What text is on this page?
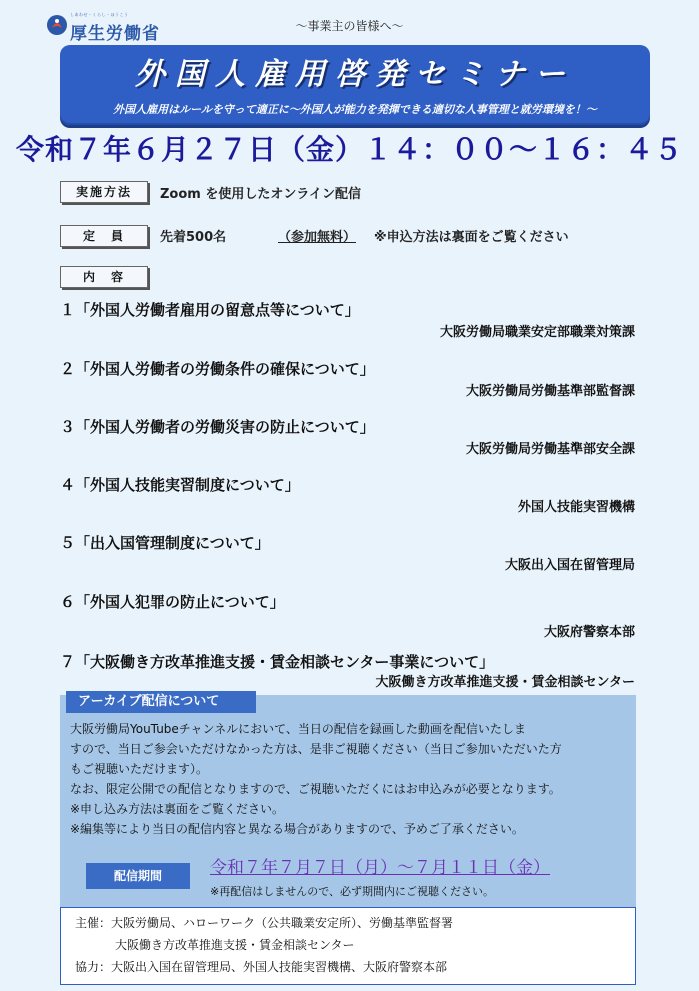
しあわせ・くらし・ほうこう
厚生労働省	～事業主の皆様へ～
外国人雇用啓発セミナー
外国人雇用はルールを守って適正に～外国人が能力を発揮できる適切な人事管理と就労環境を！～
令和７年６月２７日（金）１４：００～１６：４５
実施方法	Zoom を使用したオンライン配信
定　員	先着500名	（参加無料） ※申込方法は裏面をご覧ください
内　容
１「外国人労働者雇用の留意点等について」
大阪労働局職業安定部職業対策課
２「外国人労働者の労働条件の確保について」
大阪労働局労働基準部監督課
３「外国人労働者の労働災害の防止について」
大阪労働局労働基準部安全課
４「外国人技能実習制度について」
外国人技能実習機構
５「出入国管理制度について」
大阪出入国在留管理局
６「外国人犯罪の防止について」
大阪府警察本部
７「大阪働き方改革推進支援・賃金相談センター事業について」
大阪働き方改革推進支援・賃金相談センター
アーカイブ配信について
大阪労働局YouTubeチャンネルにおいて、当日の配信を録画した動画を配信いたしま
すので、当日ご参会いただけなかった方は、是非ご視聴ください（当日ご参加いただいた方
もご視聴いただけます）。
なお、限定公開での配信となりますので、ご視聴いただくにはお申込みが必要となります。
※申し込み方法は裏面をご覧ください。
※編集等により当日の配信内容と異なる場合がありますので、予めご了承ください。
配信期間	令和７年７月７日（月）～７月１１日（金）
※再配信はしませんので、必ず期間内にご視聴ください。
主催：大阪労働局、ハローワーク（公共職業安定所）、労働基準監督署
大阪働き方改革推進支援・賃金相談センター
協力：大阪出入国在留管理局、外国人技能実習機構、大阪府警察本部
